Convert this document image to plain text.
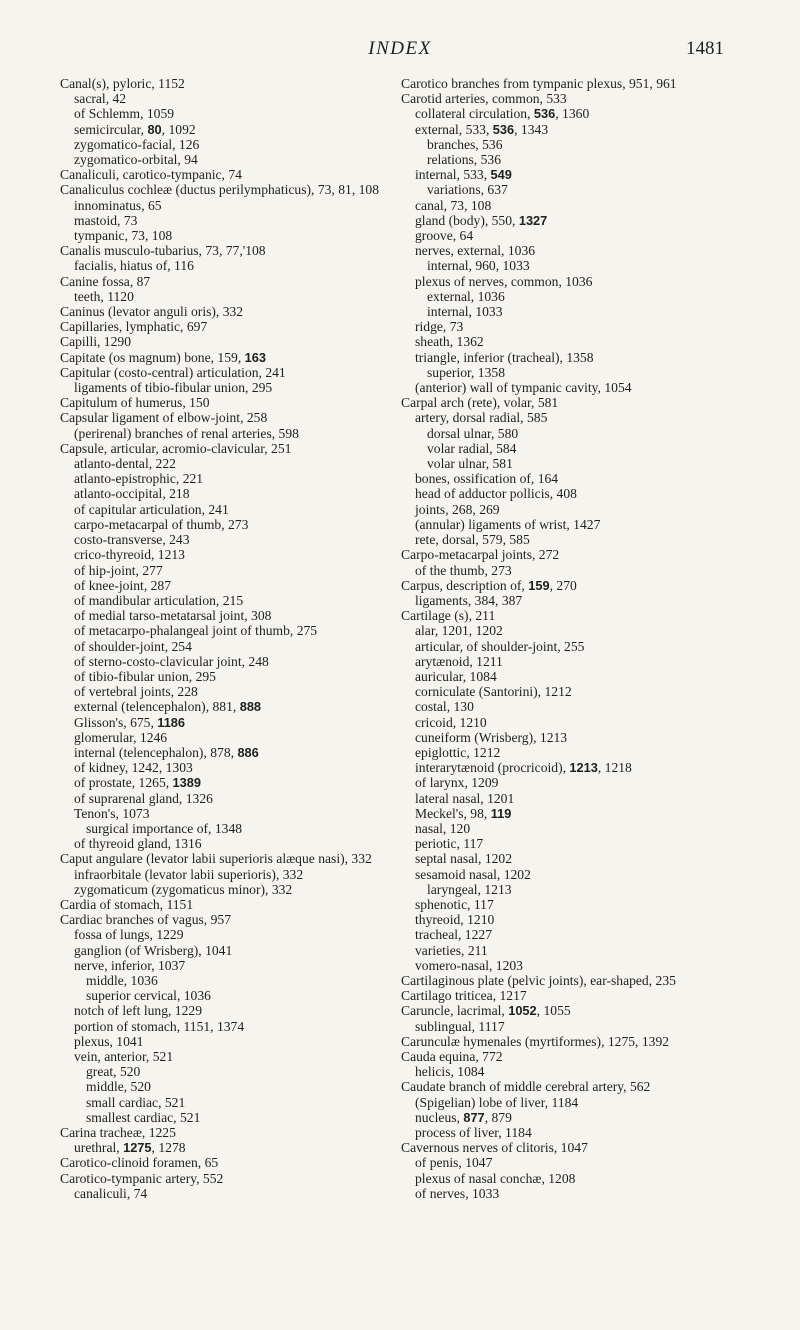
INDEX	1481
Canal(s), pyloric, 1152
sacral, 42
of Schlemm, 1059
semicircular, 80, 1092
zygomatico-facial, 126
zygomatico-orbital, 94
Canaliculi, carotico-tympanic, 74
Canaliculus cochleæ (ductus perilymphaticus), 73, 81, 108
innominatus, 65
mastoid, 73
tympanic, 73, 108
Canalis musculo-tubarius, 73, 77,'108
facialis, hiatus of, 116
Canine fossa, 87
teeth, 1120
Caninus (levator anguli oris), 332
Capillaries, lymphatic, 697
Capilli, 1290
Capitate (os magnum) bone, 159, 163
Capitular (costo-central) articulation, 241
ligaments of tibio-fibular union, 295
Capitulum of humerus, 150
Capsular ligament of elbow-joint, 258
(perirenal) branches of renal arteries, 598
Capsule, articular, acromio-clavicular, 251
atlanto-dental, 222
atlanto-epistrophic, 221
atlanto-occipital, 218
of capitular articulation, 241
carpo-metacarpal of thumb, 273
costo-transverse, 243
crico-thyreoid, 1213
of hip-joint, 277
of knee-joint, 287
of mandibular articulation, 215
of medial tarso-metatarsal joint, 308
of metacarpo-phalangeal joint of thumb, 275
of shoulder-joint, 254
of sterno-costo-clavicular joint, 248
of tibio-fibular union, 295
of vertebral joints, 228
external (telencephalon), 881, 888
Glisson's, 675, 1186
glomerular, 1246
internal (telencephalon), 878, 886
of kidney, 1242, 1303
of prostate, 1265, 1389
of suprarenal gland, 1326
Tenon's, 1073
surgical importance of, 1348
of thyreoid gland, 1316
Caput angulare (levator labii superioris alæque nasi), 332
infraorbitale (levator labii superioris), 332
zygomaticum (zygomaticus minor), 332
Cardia of stomach, 1151
Cardiac branches of vagus, 957
fossa of lungs, 1229
ganglion (of Wrisberg), 1041
nerve, inferior, 1037
middle, 1036
superior cervical, 1036
notch of left lung, 1229
portion of stomach, 1151, 1374
plexus, 1041
vein, anterior, 521
great, 520
middle, 520
small cardiac, 521
smallest cardiac, 521
Carina tracheæ, 1225
urethral, 1275, 1278
Carotico-clinoid foramen, 65
Carotico-tympanic artery, 552
canaliculi, 74
Carotico branches from tympanic plexus, 951, 961
Carotid arteries, common, 533
collateral circulation, 536, 1360
external, 533, 536, 1343
branches, 536
relations, 536
internal, 533, 549
variations, 637
canal, 73, 108
gland (body), 550, 1327
groove, 64
nerves, external, 1036
internal, 960, 1033
plexus of nerves, common, 1036
external, 1036
internal, 1033
ridge, 73
sheath, 1362
triangle, inferior (tracheal), 1358
superior, 1358
(anterior) wall of tympanic cavity, 1054
Carpal arch (rete), volar, 581
artery, dorsal radial, 585
dorsal ulnar, 580
volar radial, 584
volar ulnar, 581
bones, ossification of, 164
head of adductor pollicis, 408
joints, 268, 269
(annular) ligaments of wrist, 1427
rete, dorsal, 579, 585
Carpo-metacarpal joints, 272
of the thumb, 273
Carpus, description of, 159, 270
ligaments, 384, 387
Cartilage (s), 211
alar, 1201, 1202
articular, of shoulder-joint, 255
arytænoid, 1211
auricular, 1084
corniculate (Santorini), 1212
costal, 130
cricoid, 1210
cuneiform (Wrisberg), 1213
epiglottic, 1212
interarytænoid (procricoid), 1213, 1218
of larynx, 1209
lateral nasal, 1201
Meckel's, 98, 119
nasal, 120
periotic, 117
septal nasal, 1202
sesamoid nasal, 1202
laryngeal, 1213
sphenotic, 117
thyreoid, 1210
tracheal, 1227
varieties, 211
vomero-nasal, 1203
Cartilaginous plate (pelvic joints), ear-shaped, 235
Cartilago triticea, 1217
Caruncle, lacrimal, 1052, 1055
sublingual, 1117
Carunculæ hymenales (myrtiformes), 1275, 1392
Cauda equina, 772
helicis, 1084
Caudate branch of middle cerebral artery, 562
(Spigelian) lobe of liver, 1184
nucleus, 877, 879
process of liver, 1184
Cavernous nerves of clitoris, 1047
of penis, 1047
plexus of nasal conchæ, 1208
of nerves, 1033
